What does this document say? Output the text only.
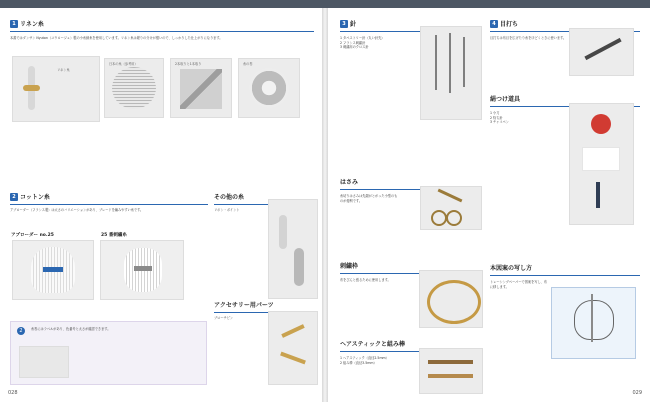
1 リネン糸
本書ではダンサン Nyuton（ユウロージュ）製の小糸締糸を使用しています。リネン糸は縒りの分けが強いので、しっかりした仕上がりになります。
リネン糸
日本の糸（参考用）	2本取りと1本取り	糸の巻
2 コットン糸
アブローダー（フランス製）は太さのバリエーションがあり、ブレードを編みやすい糸です。
アブローダー no.25	25 番刺繍糸
2	糸巻にはラベルがあり、色番号と太さが確認できます。
その他の糸
リボン・ポイント
アクセサリー用パーツ
ブローチピン
028
3 針
1 タペストリー針（丸い針先）
2 フランス刺繍針
3 刺繍用のクロス針
はさみ
糸切りはさみは先端がとがった小型のものが便利です。
刺繍枠
布をぴんと張るために使用します。
ヘアスティックと組み棒
1 ヘアスティック（直径2.5mm）
2 組み棒（直径3.5mm）
4 目打ち
目打ちは布目を広げたり糸をほどくときに使います。
絹つけ道具
1 小刀
2 待ち針
3 チャコペン
本図案の写し方
トレーシングペーパーで図案を写し、布に移します。
029
